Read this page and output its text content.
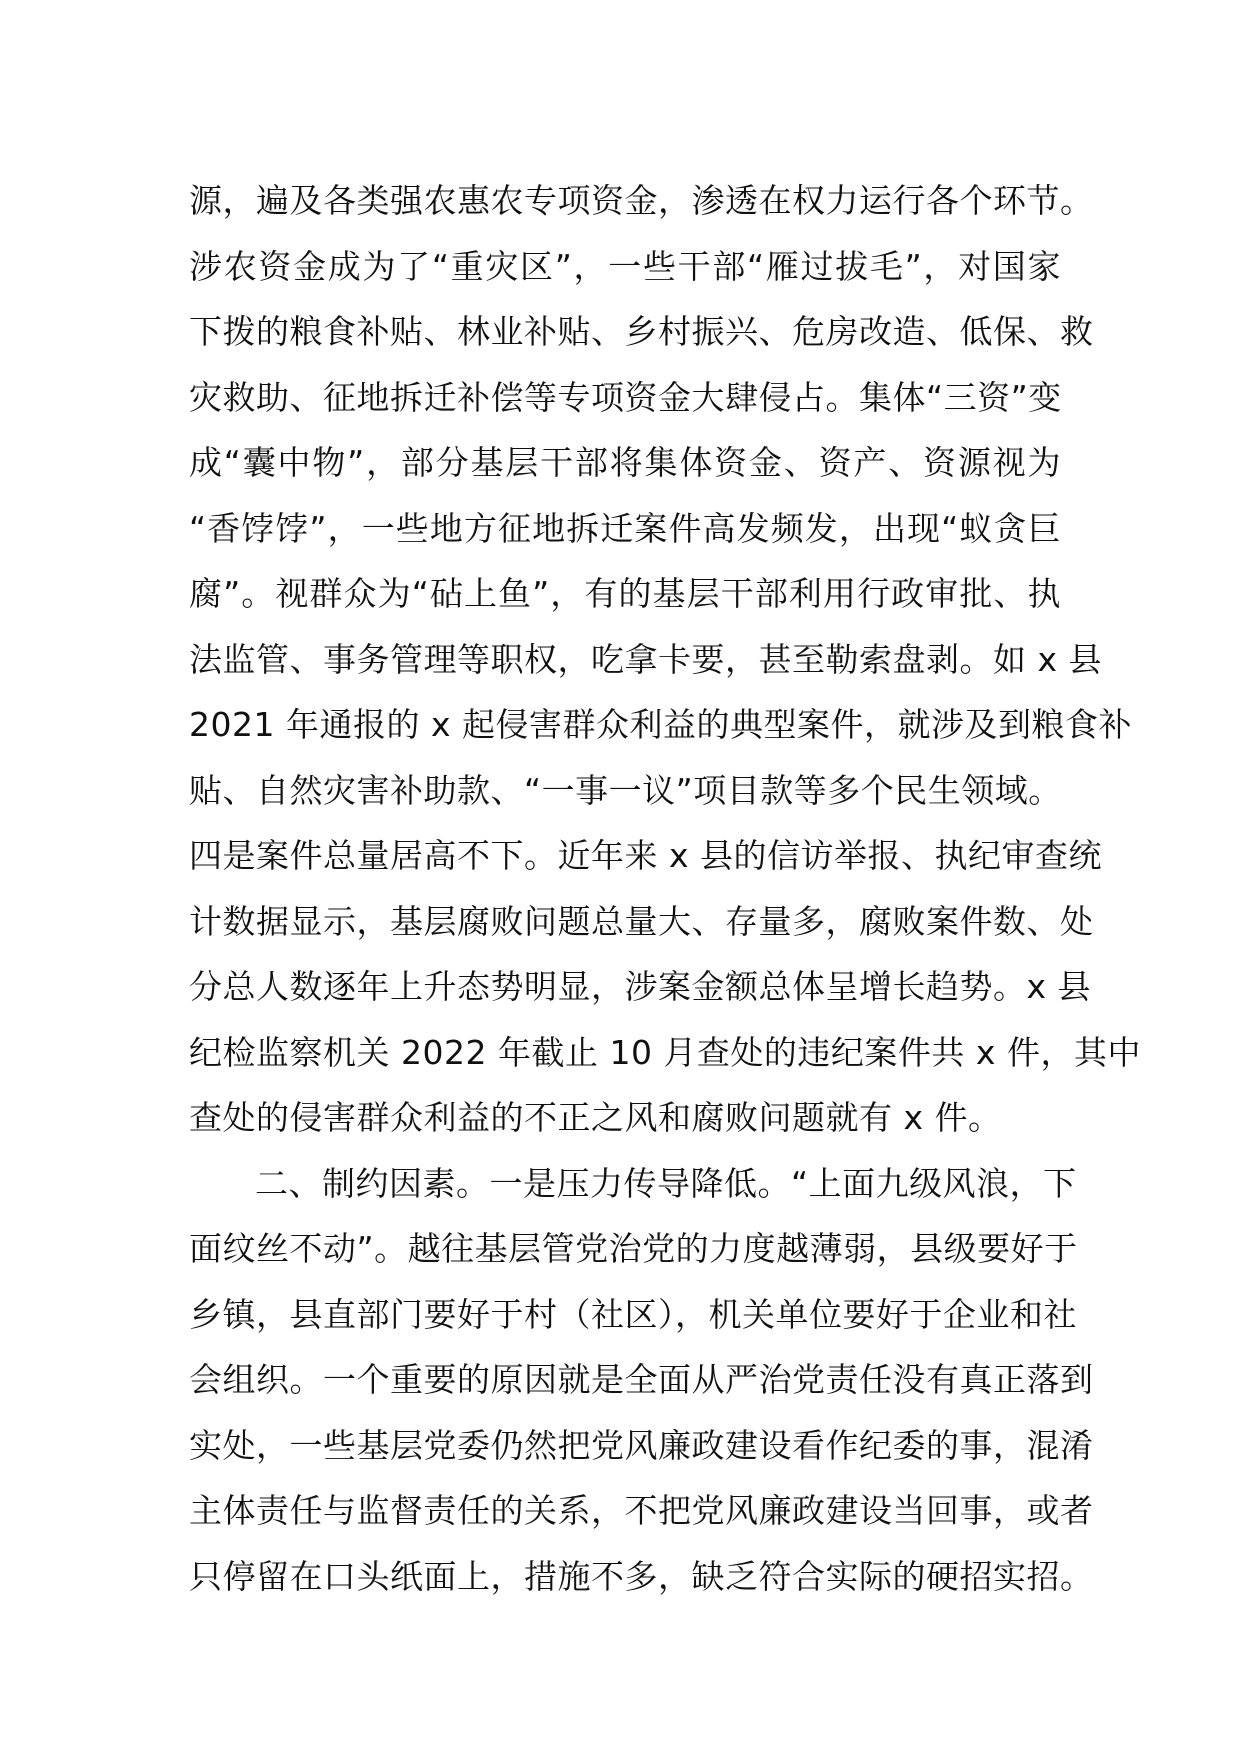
源，遍及各类强农惠农专项资金，渗透在权力运行各个环节。
涉农资金成为了“重灾区”，一些干部“雁过拔毛”，对国家
下拨的粮食补贴、林业补贴、乡村振兴、危房改造、低保、救
灾救助、征地拆迁补偿等专项资金大肆侵占。集体“三资”变
成“囊中物”，部分基层干部将集体资金、资产、资源视为
“香饽饽”，一些地方征地拆迁案件高发频发，出现“蚁贪巨
腐”。视群众为“砧上鱼”，有的基层干部利用行政审批、执
法监管、事务管理等职权，吃拿卡要，甚至勒索盘剥。如 x 县
2021 年通报的 x 起侵害群众利益的典型案件，就涉及到粮食补
贴、自然灾害补助款、“一事一议”项目款等多个民生领域。
四是案件总量居高不下。近年来 x 县的信访举报、执纪审查统
计数据显示，基层腐败问题总量大、存量多，腐败案件数、处
分总人数逐年上升态势明显，涉案金额总体呈增长趋势。x 县
纪检监察机关 2022 年截止 10 月查处的违纪案件共 x 件，其中
查处的侵害群众利益的不正之风和腐败问题就有 x 件。
二、制约因素。一是压力传导降低。“上面九级风浪，下
面纹丝不动”。越往基层管党治党的力度越薄弱，县级要好于
乡镇，县直部门要好于村（社区），机关单位要好于企业和社
会组织。一个重要的原因就是全面从严治党责任没有真正落到
实处，一些基层党委仍然把党风廉政建设看作纪委的事，混淆
主体责任与监督责任的关系，不把党风廉政建设当回事，或者
只停留在口头纸面上，措施不多，缺乏符合实际的硬招实招。
